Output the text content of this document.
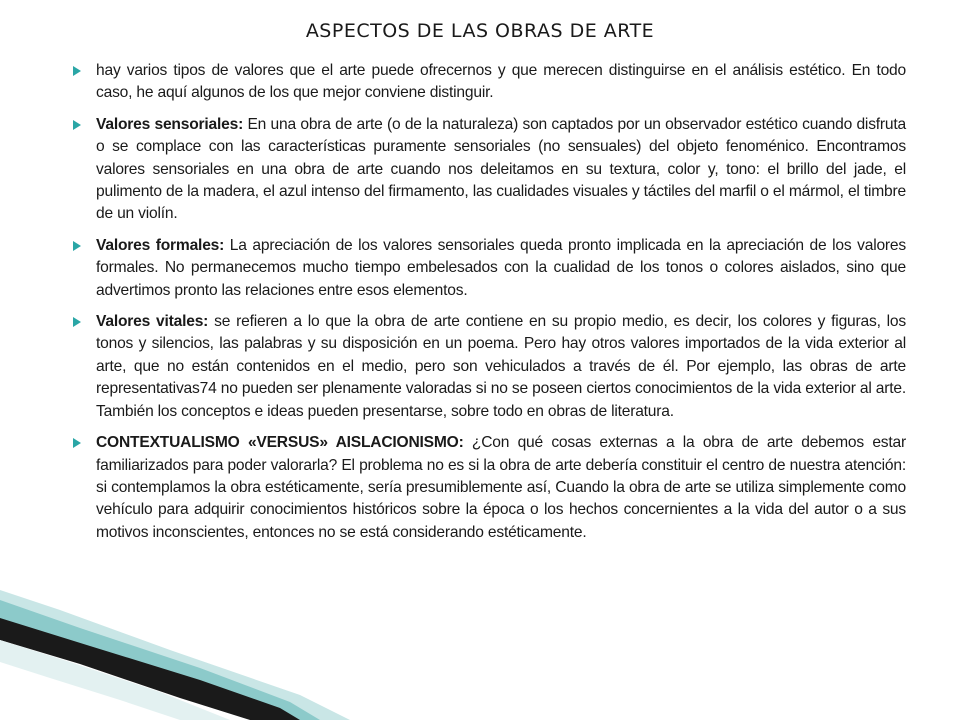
ASPECTOS DE LAS OBRAS DE ARTE
hay varios tipos de valores que el arte puede ofrecernos y que merecen distinguirse en el análisis estético. En todo caso, he aquí algunos de los que mejor conviene distinguir.
Valores sensoriales: En una obra de arte (o de la naturaleza) son captados por un observador estético cuando disfruta o se complace con las características puramente sensoriales (no sensuales) del objeto fenoménico. Encontramos valores sensoriales en una obra de arte cuando nos deleitamos en su textura, color y, tono: el brillo del jade, el pulimento de la madera, el azul intenso del firmamento, las cualidades visuales y táctiles del marfil o el mármol, el timbre de un violín.
Valores formales: La apreciación de los valores sensoriales queda pronto implicada en la apreciación de los valores formales. No permanecemos mucho tiempo embelesados con la cualidad de los tonos o colores aislados, sino que advertimos pronto las relaciones entre esos elementos.
Valores vitales: se refieren a lo que la obra de arte contiene en su propio medio, es decir, los colores y figuras, los tonos y silencios, las palabras y su disposición en un poema. Pero hay otros valores importados de la vida exterior al arte, que no están contenidos en el medio, pero son vehiculados a través de él. Por ejemplo, las obras de arte representativas74 no pueden ser plenamente valoradas si no se poseen ciertos conocimientos de la vida exterior al arte. También los conceptos e ideas pueden presentarse, sobre todo en obras de literatura.
CONTEXTUALISMO «VERSUS» AISLACIONISMO: ¿Con qué cosas externas a la obra de arte debemos estar familiarizados para poder valorarla? El problema no es si la obra de arte debería constituir el centro de nuestra atención: si contemplamos la obra estéticamente, sería presumiblemente así, Cuando la obra de arte se utiliza simplemente como vehículo para adquirir conocimientos históricos sobre la época o los hechos concernientes a la vida del autor o a sus motivos inconscientes, entonces no se está considerando estéticamente.
